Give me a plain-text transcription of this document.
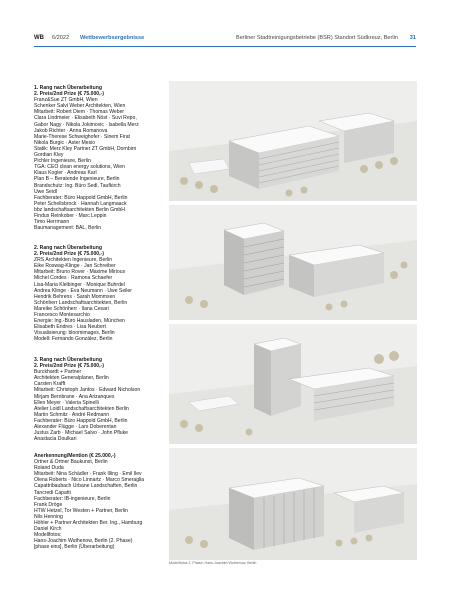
WB 6/2022 Wettbewerbsergebnisse	Berliner Stadtreinigungsbetriebe (BSR) Standort Südkreuz, Berlin 31
1. Rang nach Überarbeitung
2. Preis/2nd Prize (€ 75.000,-)
Franz&Sue ZT GmbH, Wien
Schenker Salvi Weber Architekten, Wien
Mitarbeit: Robert Diem · Thomas Weber
Clara Lindmeier · Elisabeth Nöst · Suvi Repo,
Gabor Nagy · Nikola Jokimovic · Isabella Merz
Jakob Richter · Anna Romanova
Marie-Therese Schweighofer · Sinem Firat
Nikola Burgic · Aster Mesio
Statik: Merz Kley Partner ZT GmbH, Dornbirn
Gordian Kley
Pichler Ingenieure, Berlin
TGA: CEO clean energy solutions, Wien
Klaus Kogler · Andreas Karl
Plan B – Beratende Ingenieure, Berlin
Brandschutz: Ing. Büro Sedl, Taufkirch
Uwe Seidl
Fachberater: Büro Happold GmbH, Berlin
Peter Schellsbrock · Hannah Langmaack
bbz landschaftsarchitekten Berlin GmbH
Findus Reinkober · Marc Leppin
Timo Herrmann
Baumanagement: BAL, Berlin
2. Rang nach Überarbeitung
2. Preis/2nd Prize (€ 75.000,-)
ZRS Architekten Ingenieure, Berlin
Eike Roswag-Klinge · Jan Schreiber
Mitarbeit: Bruno Rover · Maxime Mirioux
Michel Cordes · Ramona Schaefer
Lisa-Maria Kleibinger · Monique Buhrdel
Andrea Klinge · Eva Neumann · Uwe Seiler
Hendrik Behrens · Sarah Mommsen
Schönherr Landschaftsarchitekten, Berlin
Mareike Schönherr · Ilana Cesari
Francesco Montesarchio
Energie: Ing.-Büro Hausladen, München
Elisabeth Endres · Lisa Neubert
Visualisierung: bloomimages, Berlin
Modell: Fernando González, Berlin
3. Rang nach Überarbeitung
2. Preis/2nd Prize (€ 75.000,-)
Burckhardt + Partner
Architekten Generalplaner, Berlin
Carsten Krafft
Mitarbeit: Christoph Jantos · Edward Nicholson
Mirjam Bernbrane · Ana Arizanques
Ellen Meyer · Valeria Spinelli
Atelier Loidl Landschaftsarchitekten Berlin
Martin Schmitz · André Redmann
Fachberater: Büro Happold GmbH, Berlin
Alexander Flügge · Lars Doberentan
Justus Zarb · Michael Salvo · John Pfluke
Anastacia Doulkari
Anerkennung/Mention (€ 25.000,-)
Ortner & Ortner Baukunst, Berlin
Roland Duda
Mitarbeit: Nina Schädler · Frank Illing · Emil Ilev
Olena Roberts · Nico Linnartz · Marco Smeraglia
Capattribaubach Urbane Landschaften, Berlin
Tancredi Capatti
Fachberater: IB-ingenieure, Berlin
Frank Dröge
HTW Hetzel, Tor Westen + Partner, Berlin
Nils Henning
Höhler + Partner Architekten Ber. Ing., Hamburg
Daniel Kirch
Modellfotos:
Hans-Joachim Wuthenow, Berlin (2. Phase)
[phase eins], Berlin (Überarbeitung)
Modellfotos 2. Phase: Hans-Joachim Wuthenow, Berlin
